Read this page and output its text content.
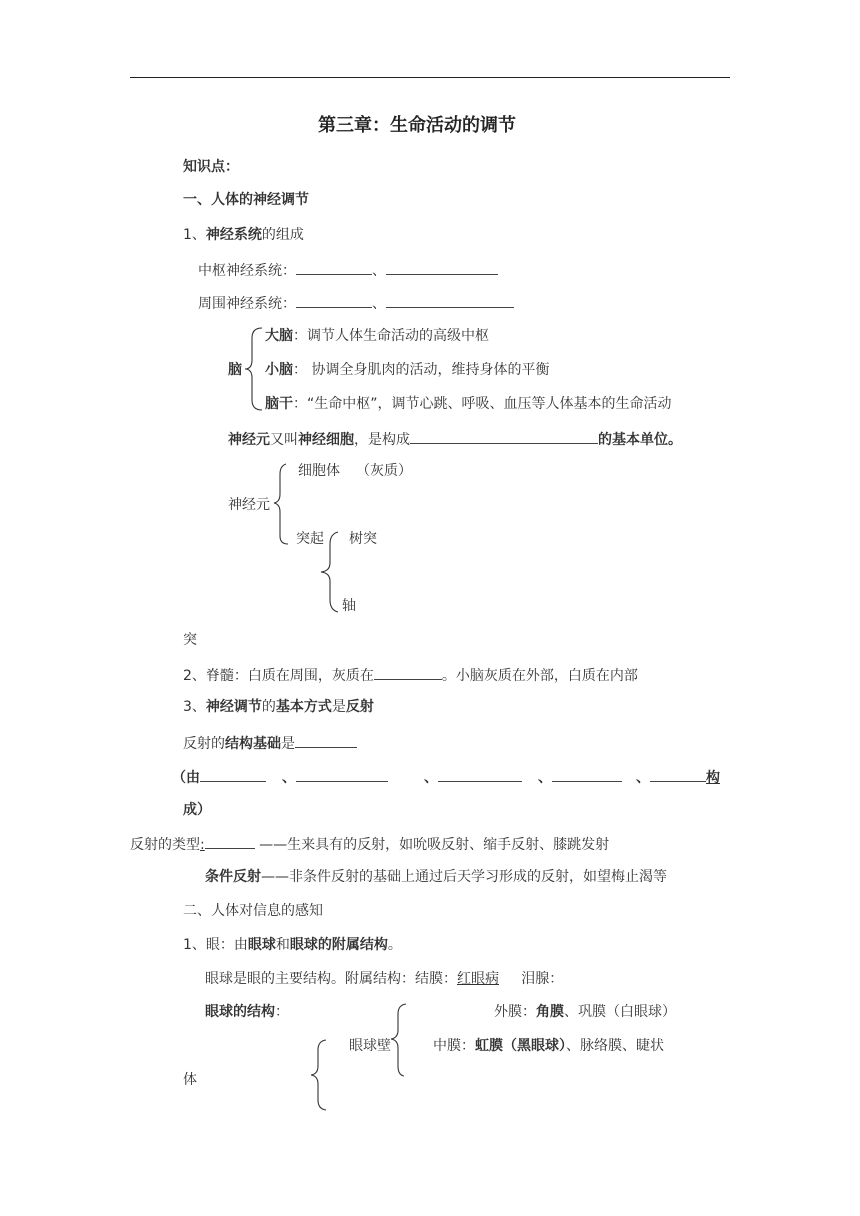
第三章：生命活动的调节
知识点：
一、人体的神经调节
1、神经系统的组成
中枢神经系统：	、
周围神经系统：	、
脑
大脑：调节人体生命活动的高级中枢
小脑： 协调全身肌肉的活动，维持身体的平衡
脑干：“生命中枢”，调节心跳、呼吸、血压等人体基本的生命活动
神经元又叫神经细胞，是构成	的基本单位。
神经元
细胞体 （灰质）
突起 树突
轴
突
2、脊髓：白质在周围，灰质在	。小脑灰质在外部，白质在内部
3、神经调节的基本方式是反射
反射的结构基础是
（由	、	、	、	、	构
成）
反射的类型:	——生来具有的反射，如吮吸反射、缩手反射、膝跳发射
条件反射——非条件反射的基础上通过后天学习形成的反射，如望梅止渴等
二、人体对信息的感知
1、眼：由眼球和眼球的附属结构。
眼球是眼的主要结构。附属结构：结膜：红眼病     泪腺：
眼球的结构：
眼球壁
外膜：角膜、巩膜（白眼球）
中膜：虹膜（黑眼球）、脉络膜、睫状
体
